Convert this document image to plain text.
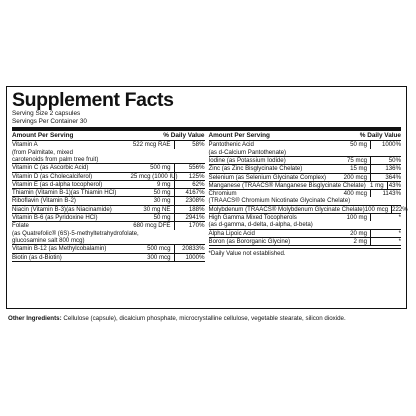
Supplement Facts
Serving Size 2 capsules
Servings Per Container 30
Amount Per Serving	% Daily Value
Vitamin A	522 mcg RAE	58%
(from Palmitate, mixed
carotenoids from palm tree fruit)
Vitamin C (as Ascorbic Acid)	500 mg	556%
Vitamin D (as Cholecalciferol)	25 mcg (1000 IU)	125%
Vitamin E (as d-alpha tocopherol)	9 mg	62%
Thiamin (Vitamin B-1)(as Thiamin HCl)	50 mg	4167%
Riboflavin (Vitamin B-2)	30 mg	2308%
Niacin (Vitamin B-3)(as Niacinamide)	30 mg NE	188%
Vitamin B-6 (as Pyridoxine HCl)	50 mg	2941%
Folate	680 mcg DFE	170%
(as Quatrefolic® (6S)-5-methyltetrahydrofolate,
glucosamine salt 800 mcg)
Vitamin B-12 (as Methylcobalamin)	500 mcg	20833%
Biotin (as d-Biotin)	300 mcg	1000%
Amount Per Serving	% Daily Value
Pantothenic Acid	50 mg	1000%
(as d-Calcium Pantothenate)
Iodine (as Potassium Iodide)	75 mcg	50%
Zinc (as Zinc Bisglycinate Chelate)	15 mg	136%
Selenium (as Selenium Glycinate Complex)	200 mcg	364%
Manganese (TRAACS® Manganese Bisglycinate Chelate) 1 mg 43%
Chromium	400 mcg	1143%
(TRAACS® Chromium Nicotinate Glycinate Chelate)
Molybdenum (TRAACS® Molybdenum Glycinate Chelate) 100 mcg 222%
High Gamma Mixed Tocopherols	100 mg	*
(as d-gamma, d-delta, d-alpha, d-beta)
Alpha Lipoic Acid	20 mg	*
Boron (as Bororganic Glycine)	2 mg	*
*Daily Value not established.
Other Ingredients: Cellulose (capsule), dicalcium phosphate, microcrystalline cellulose, vegetable stearate, silicon dioxide.
